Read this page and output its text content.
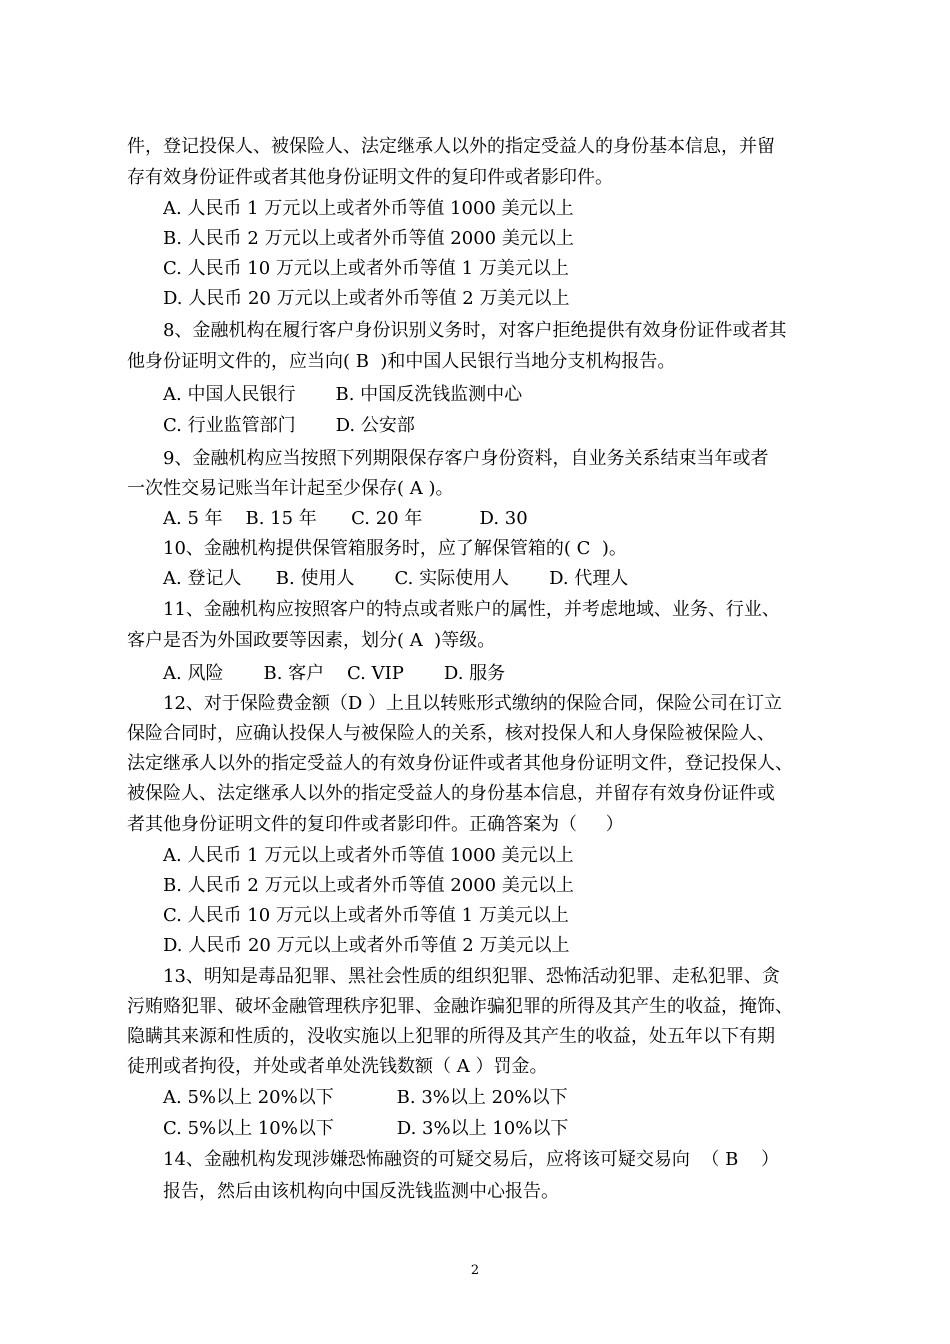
件，登记投保人、被保险人、法定继承人以外的指定受益人的身份基本信息，并留
存有效身份证件或者其他身份证明文件的复印件或者影印件。
A. 人民币 1 万元以上或者外币等值 1000 美元以上
B. 人民币 2 万元以上或者外币等值 2000 美元以上
C. 人民币 10 万元以上或者外币等值 1 万美元以上
D. 人民币 20 万元以上或者外币等值 2 万美元以上
8、金融机构在履行客户身份识别义务时，对客户拒绝提供有效身份证件或者其
他身份证明文件的，应当向( B  )和中国人民银行当地分支机构报告。
A. 中国人民银行       B. 中国反洗钱监测中心
C. 行业监管部门       D. 公安部
9、金融机构应当按照下列期限保存客户身份资料，自业务关系结束当年或者
一次性交易记账当年计起至少保存( A )。
A. 5 年    B. 15 年      C. 20 年          D. 30
10、金融机构提供保管箱服务时，应了解保管箱的( C  )。
A. 登记人      B. 使用人       C. 实际使用人       D. 代理人
11、金融机构应按照客户的特点或者账户的属性，并考虑地域、业务、行业、
客户是否为外国政要等因素，划分( A  )等级。
A. 风险       B. 客户    C. VIP       D. 服务
12、对于保险费金额（D ）上且以转账形式缴纳的保险合同，保险公司在订立
保险合同时，应确认投保人与被保险人的关系，核对投保人和人身保险被保险人、
法定继承人以外的指定受益人的有效身份证件或者其他身份证明文件，登记投保人、
被保险人、法定继承人以外的指定受益人的身份基本信息，并留存有效身份证件或
者其他身份证明文件的复印件或者影印件。正确答案为（     ）
A. 人民币 1 万元以上或者外币等值 1000 美元以上
B. 人民币 2 万元以上或者外币等值 2000 美元以上
C. 人民币 10 万元以上或者外币等值 1 万美元以上
D. 人民币 20 万元以上或者外币等值 2 万美元以上
13、明知是毒品犯罪、黑社会性质的组织犯罪、恐怖活动犯罪、走私犯罪、贪
污贿赂犯罪、破坏金融管理秩序犯罪、金融诈骗犯罪的所得及其产生的收益，掩饰、
隐瞒其来源和性质的，没收实施以上犯罪的所得及其产生的收益，处五年以下有期
徒刑或者拘役，并处或者单处洗钱数额（ A ）罚金。
A. 5%以上 20%以下           B. 3%以上 20%以下
C. 5%以上 10%以下           D. 3%以上 10%以下
14、金融机构发现涉嫌恐怖融资的可疑交易后，应将该可疑交易向  （ B    ）
报告，然后由该机构向中国反洗钱监测中心报告。
2
